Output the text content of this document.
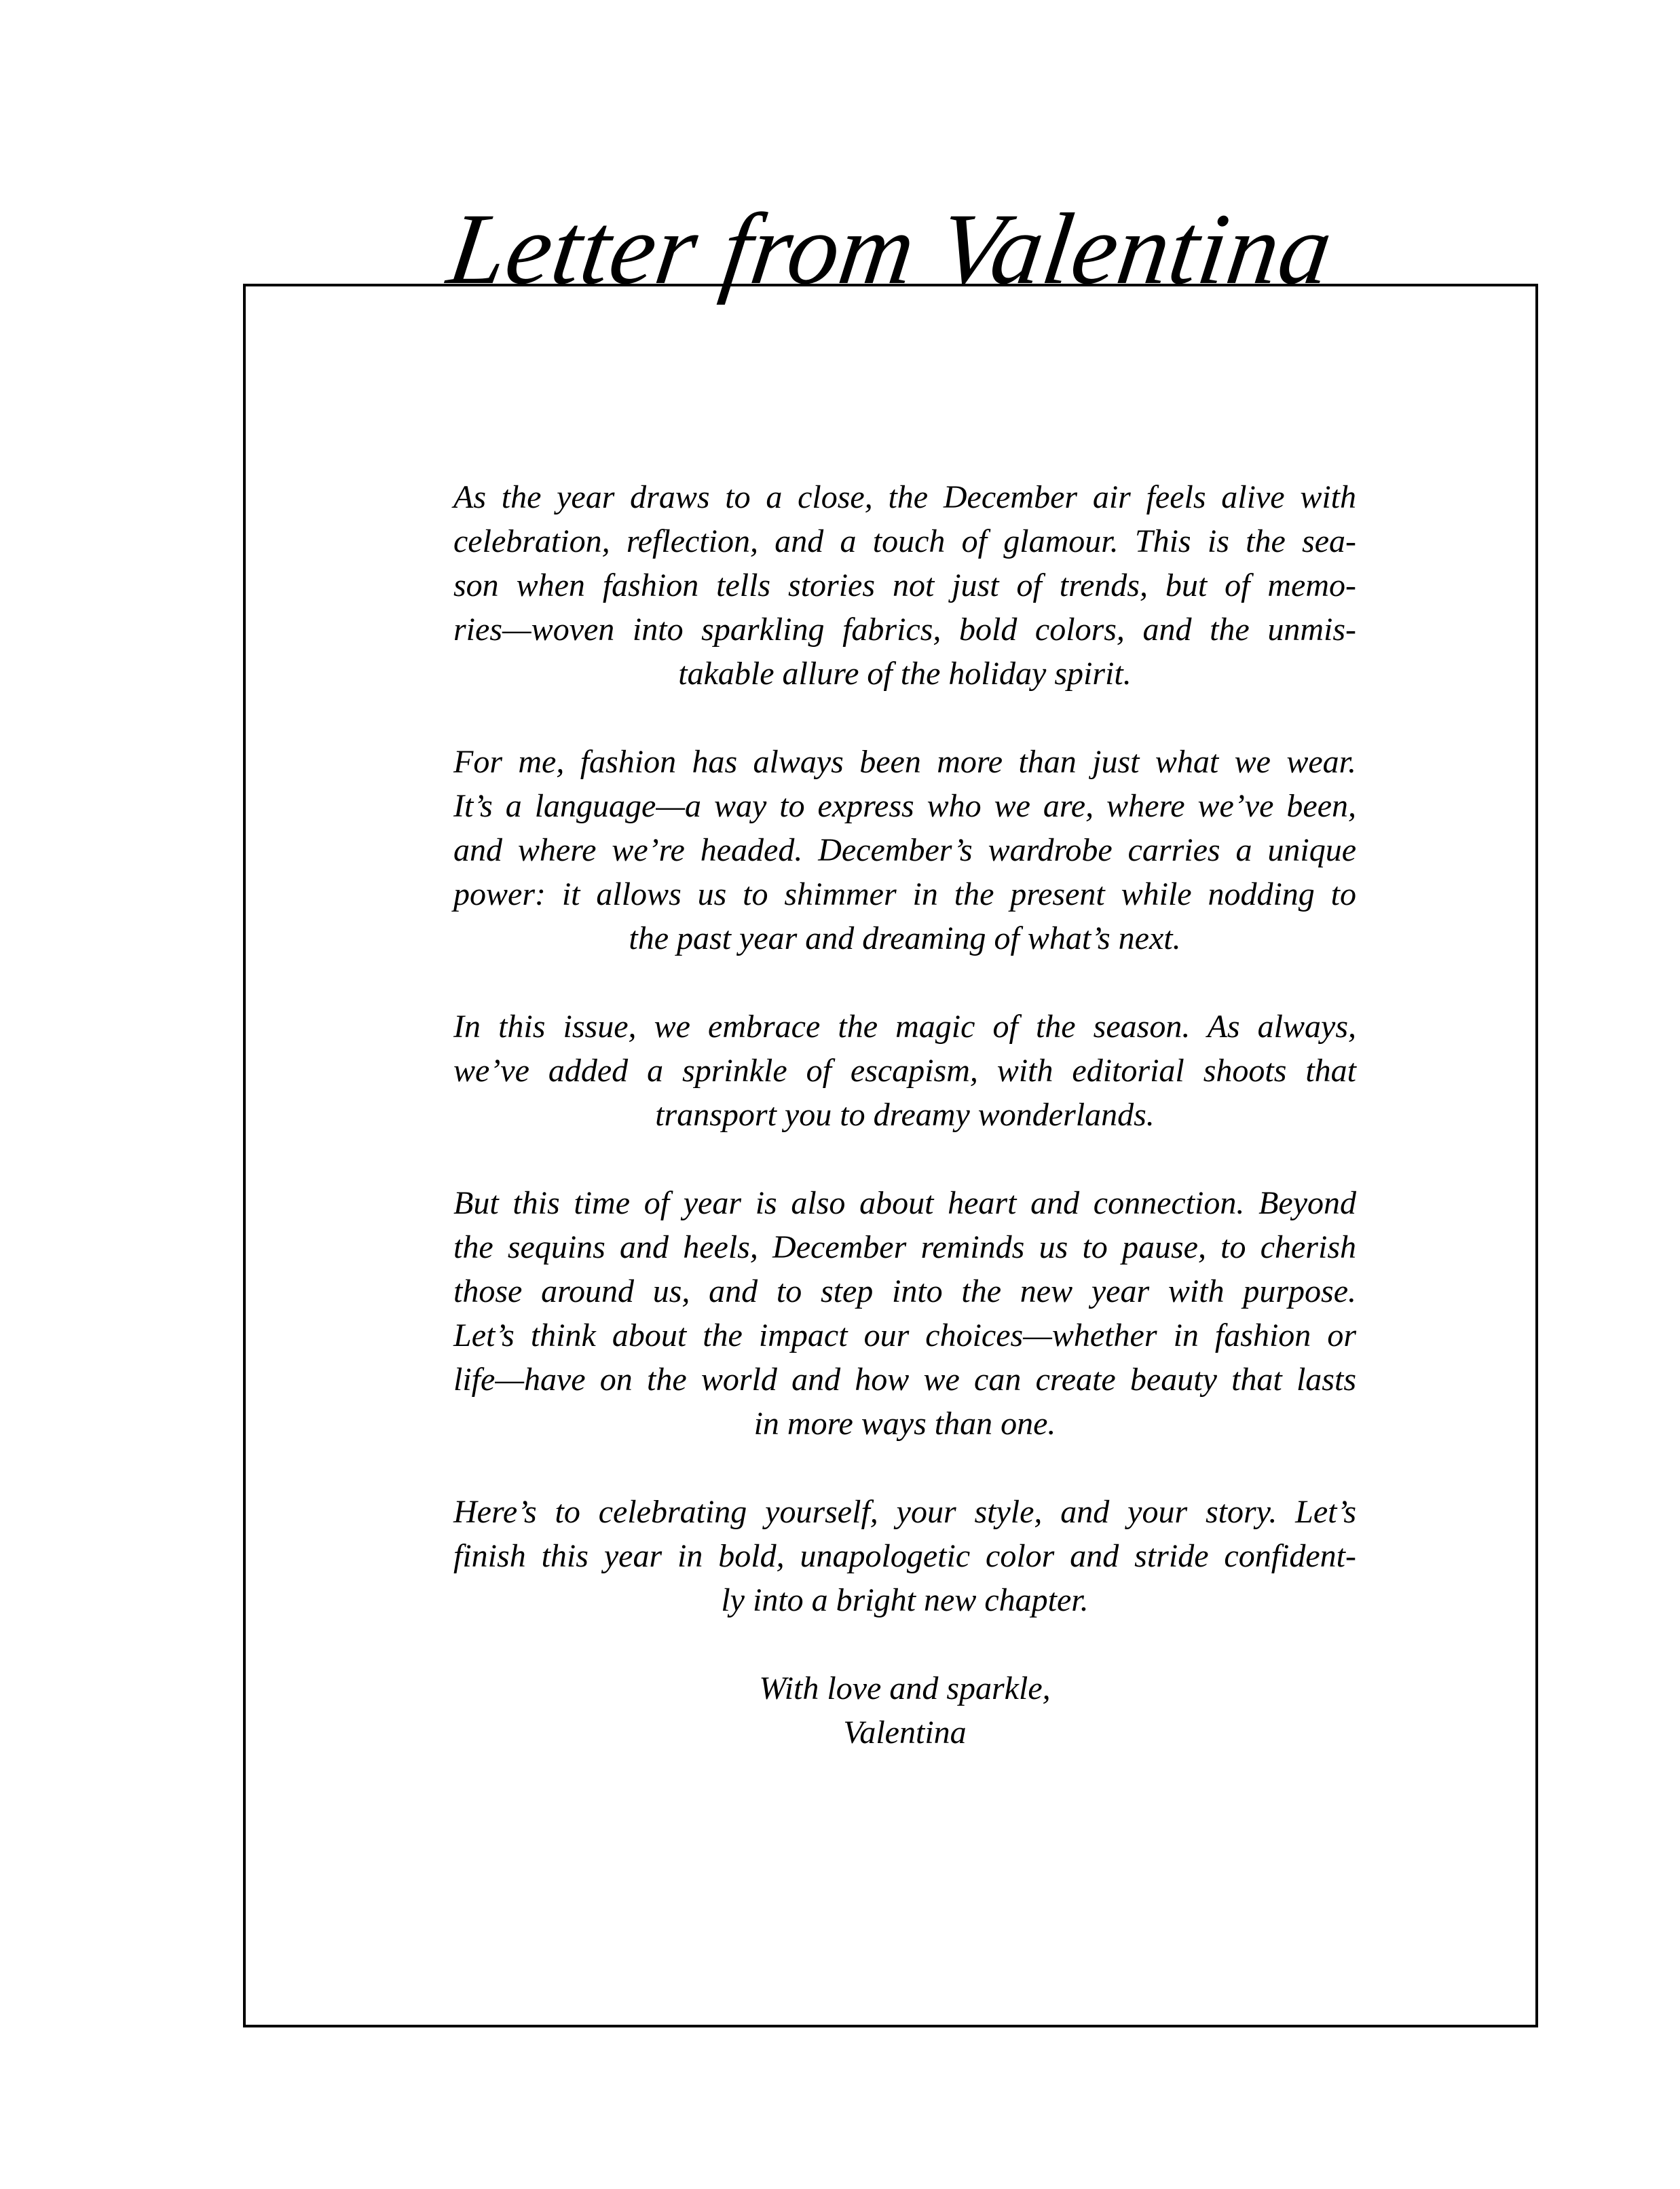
Letter from Valentina
As the year draws to a close, the December air feels alive with
celebration, reflection, and a touch of glamour. This is the sea-
son when fashion tells stories not just of trends, but of memo-
ries—woven into sparkling fabrics, bold colors, and the unmis-
takable allure of the holiday spirit.
For me, fashion has always been more than just what we wear.
It’s a language—a way to express who we are, where we’ve been,
and where we’re headed. December’s wardrobe carries a unique
power: it allows us to shimmer in the present while nodding to
the past year and dreaming of what’s next.
In this issue, we embrace the magic of the season. As always,
we’ve added a sprinkle of escapism, with editorial shoots that
transport you to dreamy wonderlands.
But this time of year is also about heart and connection. Beyond
the sequins and heels, December reminds us to pause, to cherish
those around us, and to step into the new year with purpose.
Let’s think about the impact our choices—whether in fashion or
life—have on the world and how we can create beauty that lasts
in more ways than one.
Here’s to celebrating yourself, your style, and your story. Let’s
finish this year in bold, unapologetic color and stride confident-
ly into a bright new chapter.
With love and sparkle,
Valentina
